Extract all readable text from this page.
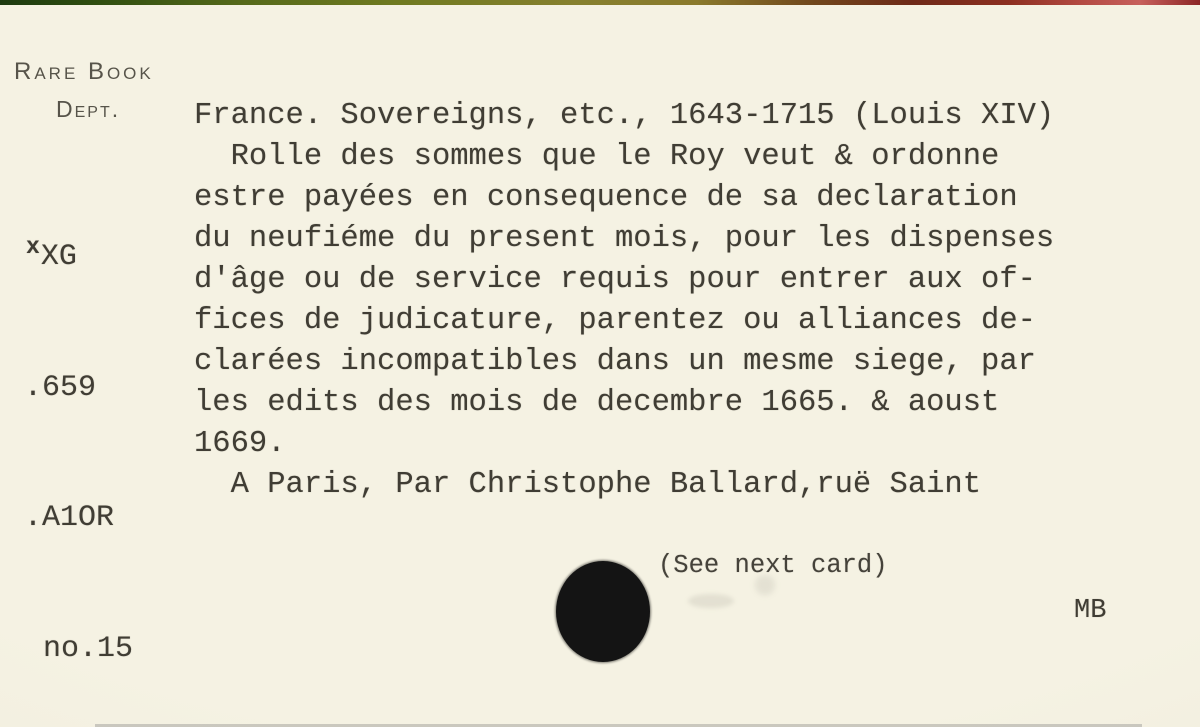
Rare Book
Dept.

xXG

.659

.A1OR

no.15

France. Sovereigns, etc., 1643-1715 (Louis XIV)
Rolle des sommes que le Roy veut & ordonne
estre payées en consequence de sa declaration
du neufiéme du present mois, pour les dispenses
d'âge ou de service requis pour entrer aux of-
fices de judicature, parentez ou alliances de-
clarées incompatibles dans un mesme siege, par
les edits des mois de decembre 1665. & aoust
1669.
A Paris, Par Christophe Ballard,ruë Saint
(See next card)
MB
